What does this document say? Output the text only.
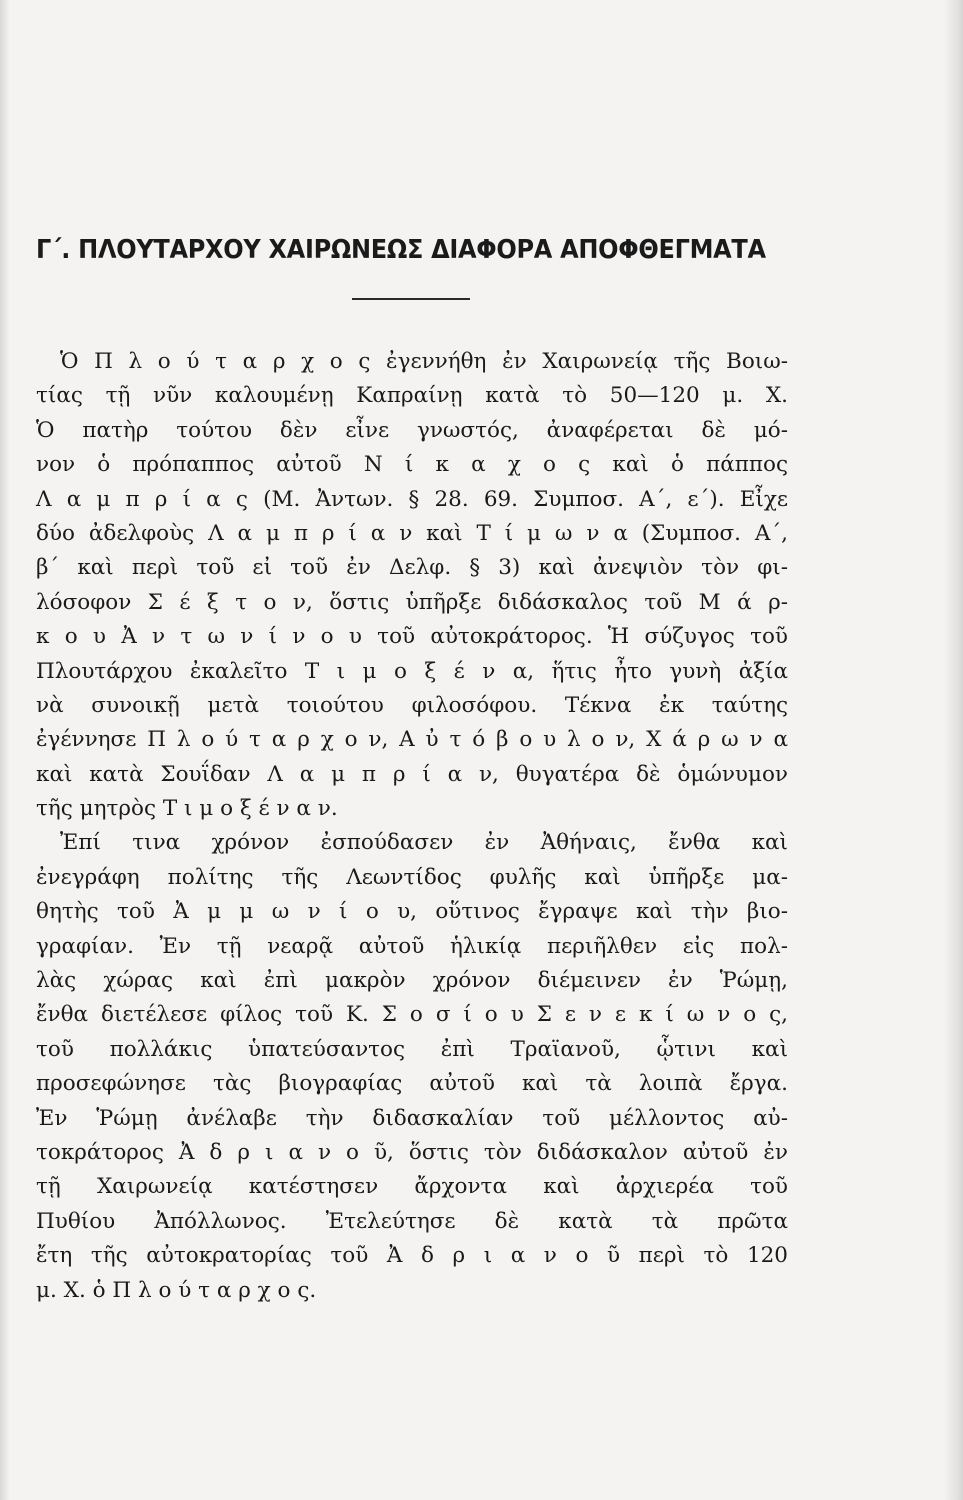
Γ΄. ΠΛΟΥΤΑΡΧΟΥ ΧΑΙΡΩΝΕΩΣ ΔΙΑΦΟΡΑ ΑΠΟΦΘΕΓΜΑΤΑ
Ὁ Π λ ο ύ τ α ρ χ ο ς ἐγεννήθη ἐν Χαιρωνείᾳ τῆς Βοιω-
τίας τῇ νῦν καλουμένῃ Καπραίνῃ κατὰ τὸ 50—120 μ. Χ.
Ὁ πατὴρ τούτου δὲν εἶνε γνωστός, ἀναφέρεται δὲ μό-
νον ὁ πρόπαππος αὐτοῦ Ν ί κ α χ ο ς καὶ ὁ πάππος
Λ α μ π ρ ί α ς (Μ. Ἀντων. § 28. 69. Συμποσ. Α΄, ε΄). Εἶχε
δύο ἀδελφοὺς Λ α μ π ρ ί α ν καὶ Τ ί μ ω ν α (Συμποσ. Α΄,
β΄ καὶ περὶ τοῦ εἰ τοῦ ἐν Δελφ. § 3) καὶ ἀνεψιὸν τὸν φι-
λόσοφον Σ έ ξ τ ο ν, ὅστις ὑπῆρξε διδάσκαλος τοῦ Μ ά ρ-
κ ο υ Ἀ ν τ ω ν ί ν ο υ τοῦ αὐτοκράτορος. Ἡ σύζυγος τοῦ
Πλουτάρχου ἐκαλεῖτο Τ ι μ ο ξ έ ν α, ἥτις ἦτο γυνὴ ἀξία
νὰ συνοικῇ μετὰ τοιούτου φιλοσόφου. Τέκνα ἐκ ταύτης
ἐγέννησε Π λ ο ύ τ α ρ χ ο ν, Α ὐ τ ό β ο υ λ ο ν, Χ ά ρ ω ν α
καὶ κατὰ Σουΐδαν Λ α μ π ρ ί α ν, θυγατέρα δὲ ὁμώνυμον
τῆς μητρὸς Τ ι μ ο ξ έ ν α ν.
Ἐπί τινα χρόνον ἐσπούδασεν ἐν Ἀθήναις, ἔνθα καὶ
ἐνεγράφη πολίτης τῆς Λεωντίδος φυλῆς καὶ ὑπῆρξε μα-
θητὴς τοῦ Ἀ μ μ ω ν ί ο υ, οὕτινος ἔγραψε καὶ τὴν βιο-
γραφίαν. Ἐν τῇ νεαρᾷ αὐτοῦ ἡλικίᾳ περιῆλθεν εἰς πολ-
λὰς χώρας καὶ ἐπὶ μακρὸν χρόνον διέμεινεν ἐν Ῥώμῃ,
ἔνθα διετέλεσε φίλος τοῦ Κ. Σ ο σ ί ο υ Σ ε ν ε κ ί ω ν ο ς,
τοῦ πολλάκις ὑπατεύσαντος ἐπὶ Τραϊανοῦ, ᾧτινι καὶ
προσεφώνησε τὰς βιογραφίας αὐτοῦ καὶ τὰ λοιπὰ ἔργα.
Ἐν Ῥώμῃ ἀνέλαβε τὴν διδασκαλίαν τοῦ μέλλοντος αὐ-
τοκράτορος Ἀ δ ρ ι α ν ο ῦ, ὅστις τὸν διδάσκαλον αὐτοῦ ἐν
τῇ Χαιρωνείᾳ κατέστησεν ἄρχοντα καὶ ἀρχιερέα τοῦ
Πυθίου Ἀπόλλωνος. Ἐτελεύτησε δὲ κατὰ τὰ πρῶτα
ἔτη τῆς αὐτοκρατορίας τοῦ Ἀ δ ρ ι α ν ο ῦ περὶ τὸ 120
μ. Χ. ὁ Π λ ο ύ τ α ρ χ ο ς.
